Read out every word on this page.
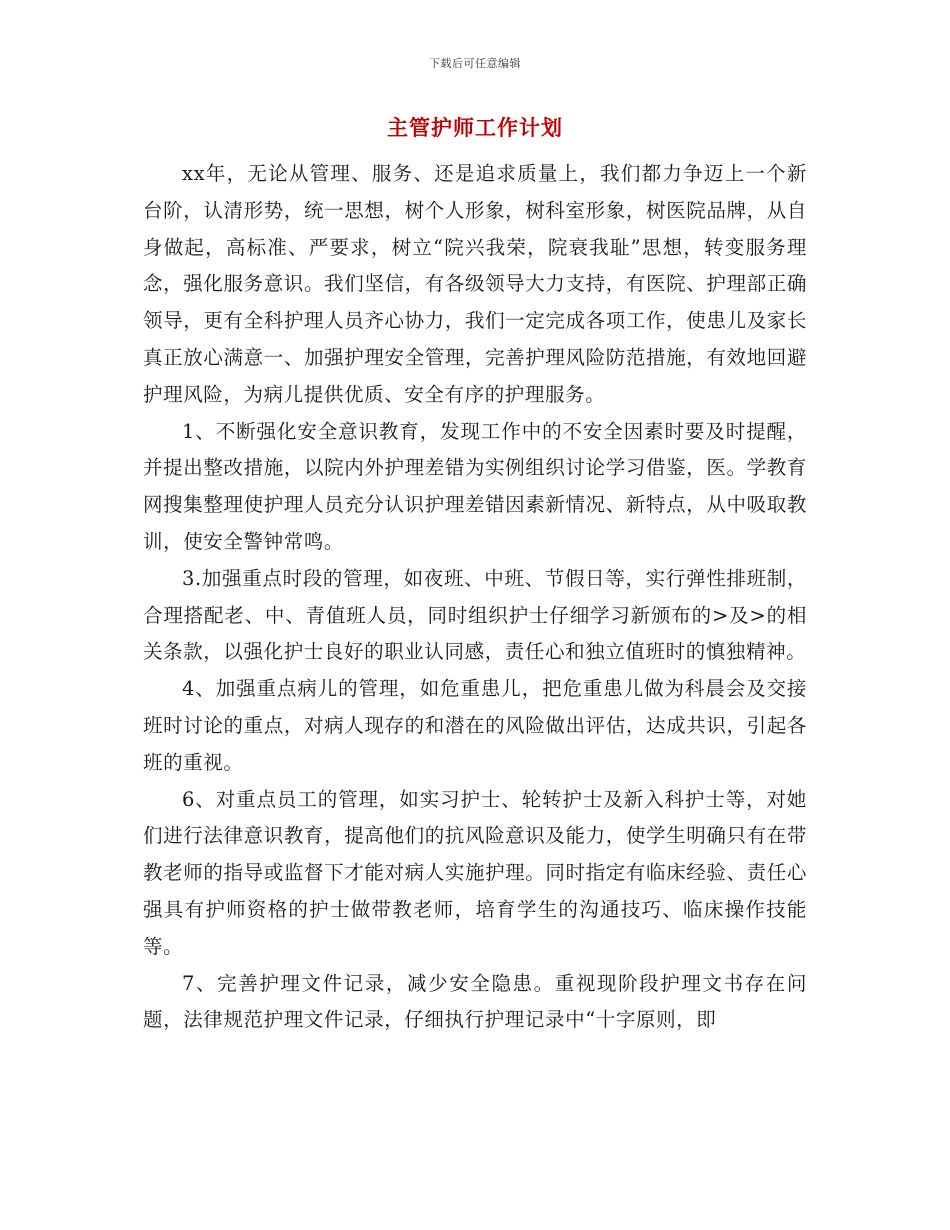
下载后可任意编辑
主管护师工作计划

xx年，无论从管理、服务、还是追求质量上，我们都力争迈上一个新台阶，认清形势，统一思想，树个人形象，树科室形象，树医院品牌，从自身做起，高标准、严要求，树立“院兴我荣，院衰我耻”思想，转变服务理念，强化服务意识。我们坚信，有各级领导大力支持，有医院、护理部正确领导，更有全科护理人员齐心协力，我们一定完成各项工作，使患儿及家长真正放心满意一、加强护理安全管理，完善护理风险防范措施，有效地回避护理风险，为病儿提供优质、安全有序的护理服务。

1、不断强化安全意识教育，发现工作中的不安全因素时要及时提醒，并提出整改措施，以院内外护理差错为实例组织讨论学习借鉴，医。学教育网搜集整理使护理人员充分认识护理差错因素新情况、新特点，从中吸取教训，使安全警钟常鸣。

3.加强重点时段的管理，如夜班、中班、节假日等，实行弹性排班制，合理搭配老、中、青值班人员，同时组织护士仔细学习新颁布的>及>的相关条款，以强化护士良好的职业认同感，责任心和独立值班时的慎独精神。

4、加强重点病儿的管理，如危重患儿，把危重患儿做为科晨会及交接班时讨论的重点，对病人现存的和潜在的风险做出评估，达成共识，引起各班的重视。

6、对重点员工的管理，如实习护士、轮转护士及新入科护士等，对她们进行法律意识教育，提高他们的抗风险意识及能力，使学生明确只有在带教老师的指导或监督下才能对病人实施护理。同时指定有临床经验、责任心强具有护师资格的护士做带教老师，培育学生的沟通技巧、临床操作技能等。

7、完善护理文件记录，减少安全隐患。重视现阶段护理文书存在问题，法律规范护理文件记录，仔细执行护理记录中“十字原则，即
